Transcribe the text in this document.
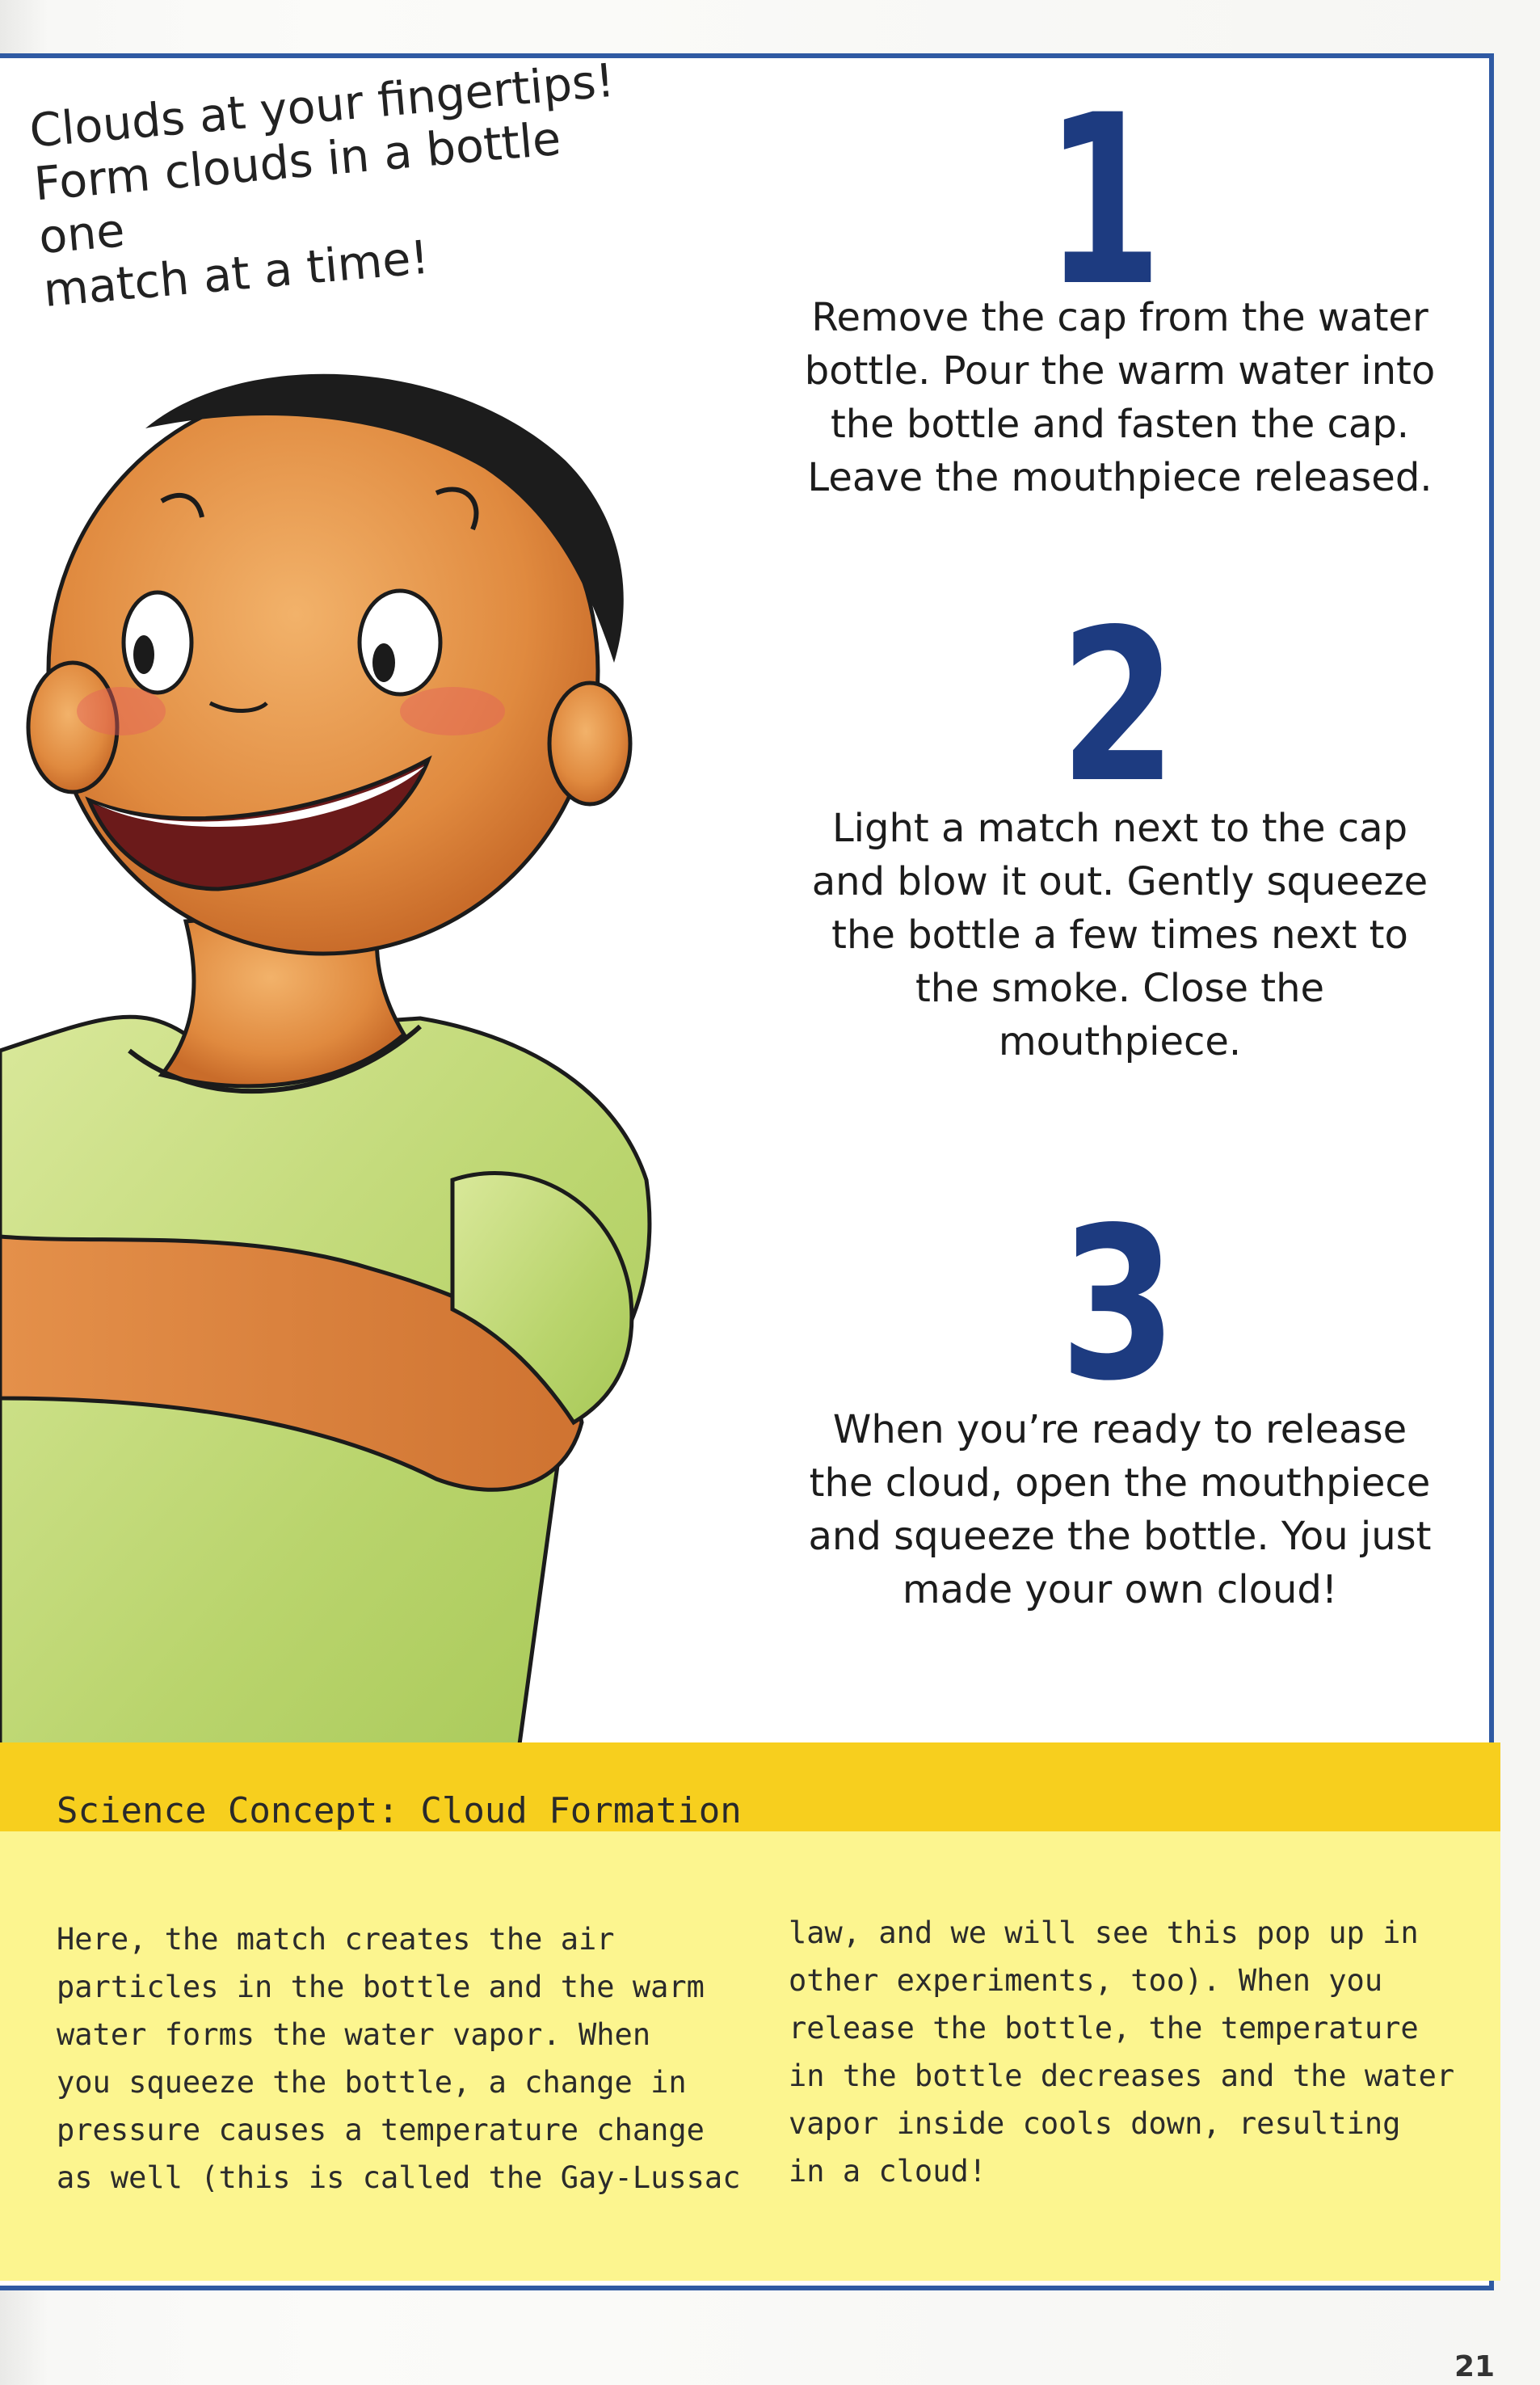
Clouds at your fingertips!
Form clouds in a bottle one
match at a time!	1
Remove the cap from the water bottle. Pour the warm water into the bottle and fasten the cap. Leave the mouthpiece released.
2
Light a match next to the cap and blow it out. Gently squeeze the bottle a few times next to the smoke. Close the mouthpiece.
3
When you’re ready to release the cloud, open the mouthpiece and squeeze the bottle. You just made your own cloud!
Science Concept: Cloud Formation
Here, the match creates the air
particles in the bottle and the warm
water forms the water vapor. When
you squeeze the bottle, a change in
pressure causes a temperature change
as well (this is called the Gay-Lussac
law, and we will see this pop up in
other experiments, too). When you
release the bottle, the temperature
in the bottle decreases and the water
vapor inside cools down, resulting
in a cloud!
21
